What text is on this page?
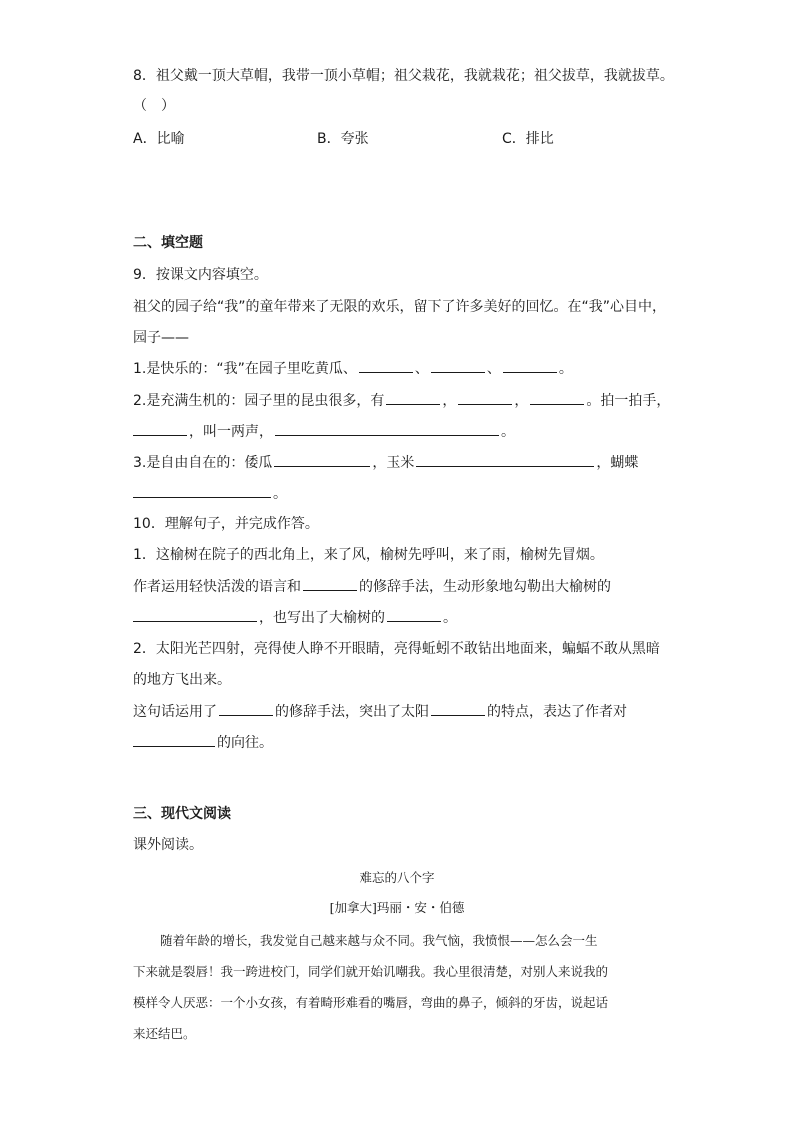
8．祖父戴一顶大草帽，我带一顶小草帽；祖父栽花，我就栽花；祖父拔草，我就拔草。
（　）
A．比喻	B．夸张	C．排比
二、填空题
9．按课文内容填空。
祖父的园子给“我”的童年带来了无限的欢乐，留下了许多美好的回忆。在“我”心目中，
园子——
1.是快乐的：“我”在园子里吃黄瓜、	、	、	。
2.是充满生机的：园子里的昆虫很多，有	，	，	。拍一拍手，
，叫一两声，	。
3.是自由自在的：倭瓜	，玉米	，蝴蝶
。
10．理解句子，并完成作答。
1．这榆树在院子的西北角上，来了风，榆树先呼叫，来了雨，榆树先冒烟。
作者运用轻快活泼的语言和	的修辞手法，生动形象地勾勒出大榆树的
，也写出了大榆树的	。
2．太阳光芒四射，亮得使人睁不开眼睛，亮得蚯蚓不敢钻出地面来，蝙蝠不敢从黑暗
的地方飞出来。
这句话运用了	的修辞手法，突出了太阳	的特点，表达了作者对
的向往。
三、现代文阅读
课外阅读。
难忘的八个字
[加拿大]玛丽・安・伯德
随着年龄的增长，我发觉自己越来越与众不同。我气恼，我愤恨——怎么会一生
下来就是裂唇！我一跨进校门，同学们就开始讥嘲我。我心里很清楚，对别人来说我的
模样令人厌恶：一个小女孩，有着畸形难看的嘴唇，弯曲的鼻子，倾斜的牙齿，说起话
来还结巴。
